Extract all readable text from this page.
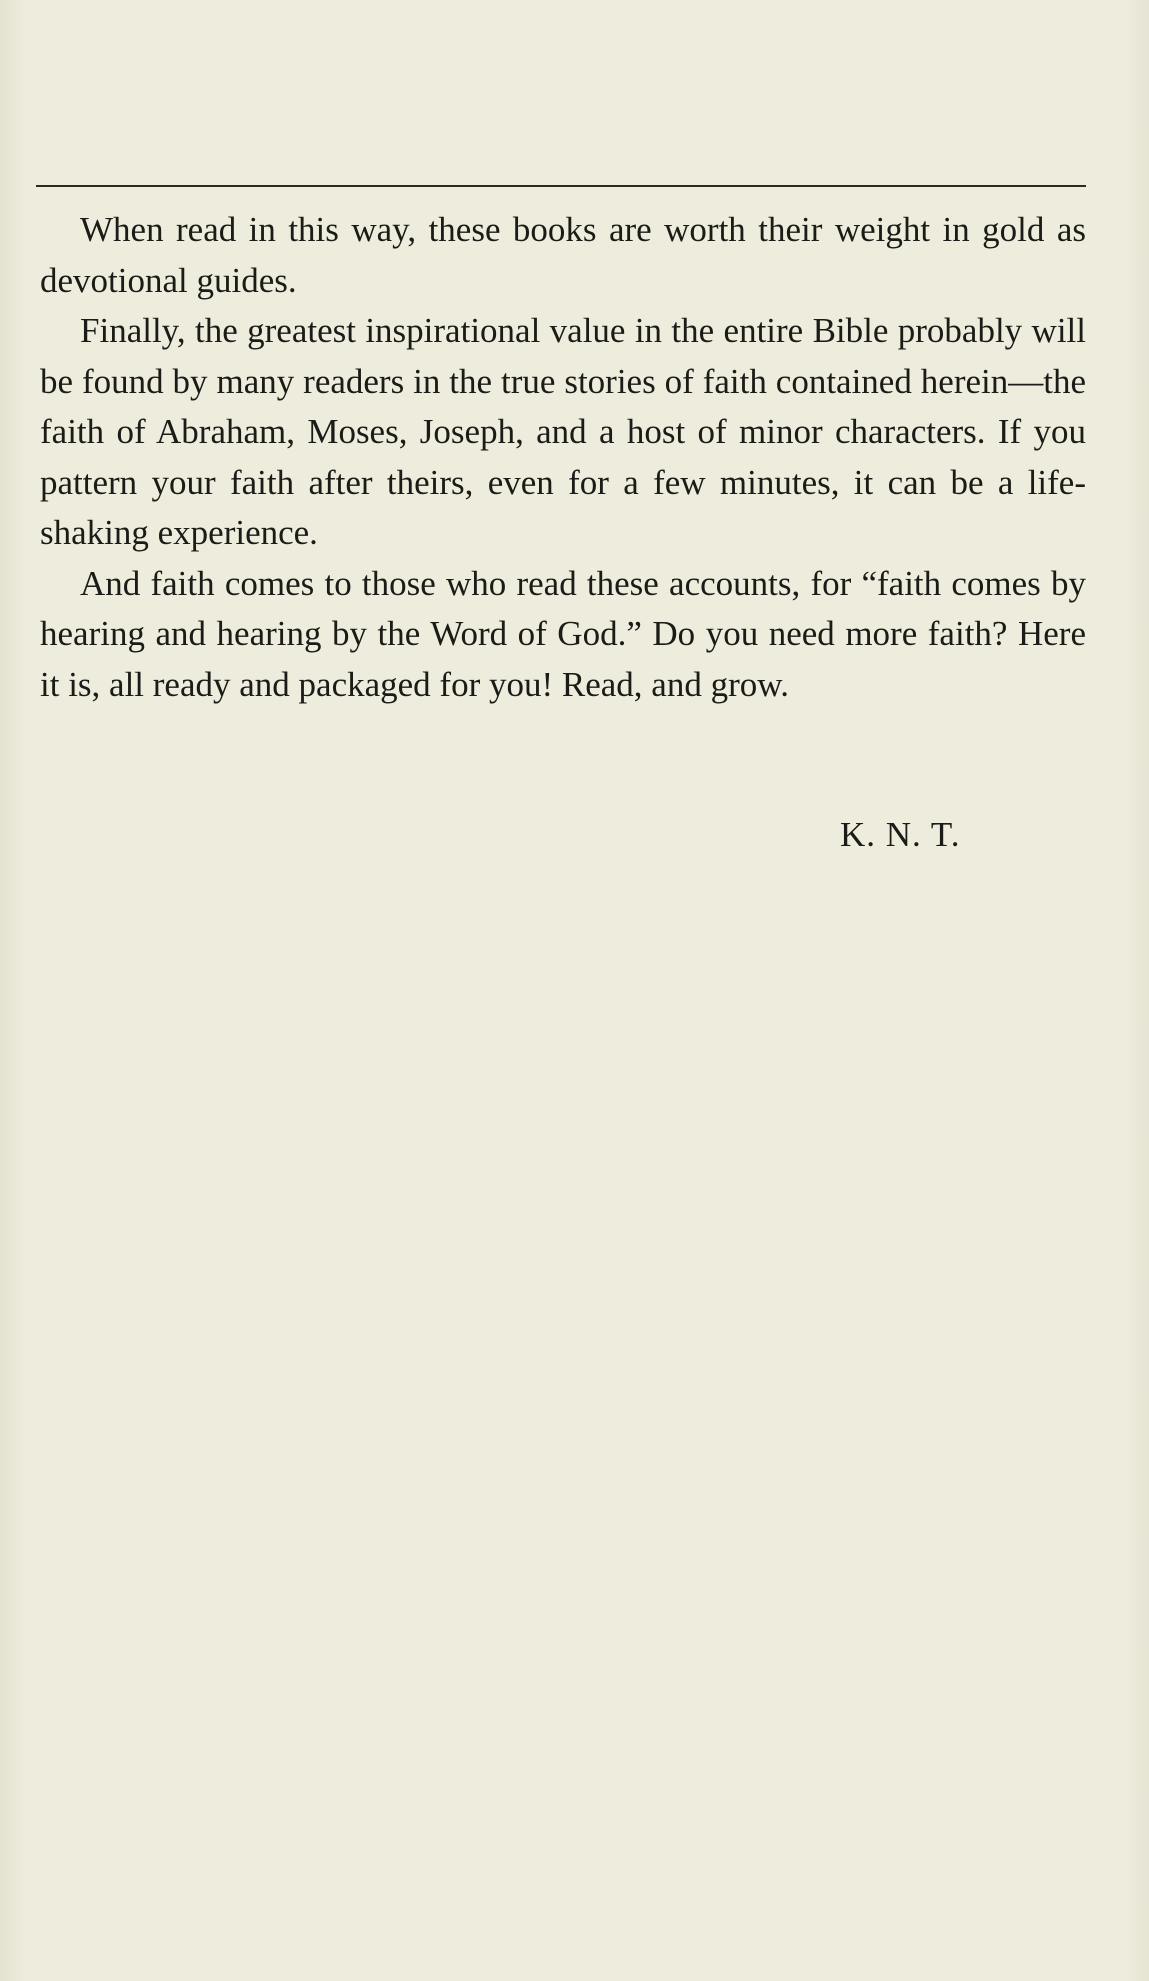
When read in this way, these books are worth their weight in gold as devotional guides.

Finally, the greatest inspirational value in the entire Bible probably will be found by many readers in the true stories of faith contained herein—the faith of Abraham, Moses, Joseph, and a host of minor characters. If you pattern your faith after theirs, even for a few minutes, it can be a life-shaking experience.

And faith comes to those who read these accounts, for “faith comes by hearing and hearing by the Word of God.” Do you need more faith? Here it is, all ready and packaged for you! Read, and grow.

K. N. T.
